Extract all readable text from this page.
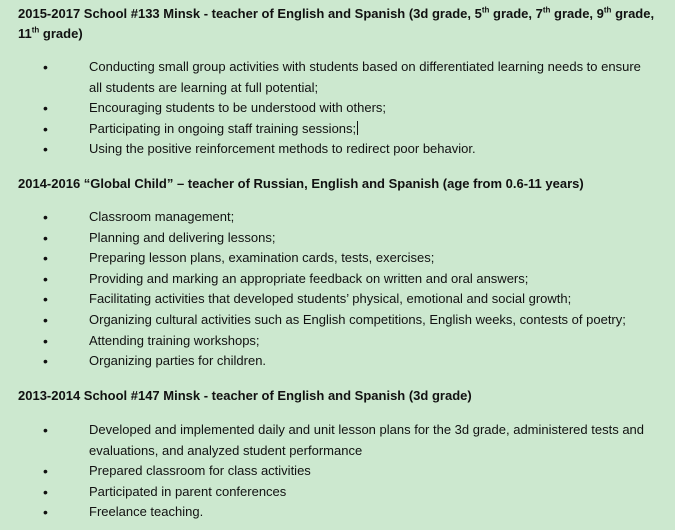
2015-2017 School #133 Minsk - teacher of English and Spanish (3d grade, 5th grade, 7th grade, 9th grade, 11th grade)
•	Conducting small group activities with students based on differentiated learning needs to ensure all students are learning at full potential;
•	Encouraging students to be understood with others;
•	Participating in ongoing staff training sessions;
•	Using the positive reinforcement methods to redirect poor behavior.
2014-2016 “Global Child” – teacher of Russian, English and Spanish (age from 0.6-11 years)
•	Classroom management;
•	Planning and delivering lessons;
•	Preparing lesson plans, examination cards, tests, exercises;
•	Providing and marking an appropriate feedback on written and oral answers;
•	Facilitating activities that developed students’ physical, emotional and social growth;
•	Organizing cultural activities such as English competitions, English weeks, contests of poetry;
•	Attending training workshops;
•	Organizing parties for children.
2013-2014 School #147 Minsk - teacher of English and Spanish (3d grade)
•	Developed and implemented daily and unit lesson plans for the 3d grade, administered tests and evaluations, and analyzed student performance
•	Prepared classroom for class activities
•	Participated in parent conferences
•	Freelance teaching.
